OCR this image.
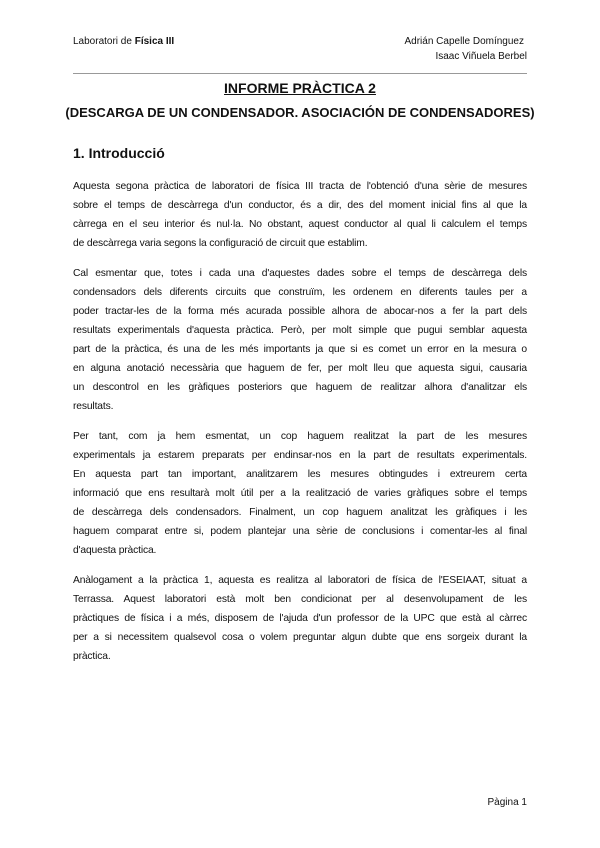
Laboratori de Física III	Adrián Capelle Domínguez
Isaac Viñuela Berbel
INFORME PRÀCTICA 2
(DESCARGA DE UN CONDENSADOR. ASOCIACIÓN DE CONDENSADORES)
1. Introducció
Aquesta segona pràctica de laboratori de física III tracta de l'obtenció d'una sèrie de mesures
sobre el temps de descàrrega d'un conductor, és a dir, des del moment inicial fins al que la
càrrega en el seu interior és nul·la. No obstant, aquest conductor al qual li calculem el temps
de descàrrega varia segons la configuració de circuit que establim.
Cal esmentar que, totes i cada una d'aquestes dades sobre el temps de descàrrega dels
condensadors dels diferents circuits que construïm, les ordenem en diferents taules per a
poder tractar-les de la forma més acurada possible alhora de abocar-nos a fer la part dels
resultats experimentals d'aquesta pràctica. Però, per molt simple que pugui semblar aquesta
part de la pràctica, és una de les més importants ja que si es comet un error en la mesura o
en alguna anotació necessària que haguem de fer, per molt lleu que aquesta sigui, causaria
un descontrol en les gràfiques posteriors que haguem de realitzar alhora d'analitzar els
resultats.
Per tant, com ja hem esmentat, un cop haguem realitzat la part de les mesures
experimentals ja estarem preparats per endinsar-nos en la part de resultats experimentals.
En aquesta part tan important, analitzarem les mesures obtingudes i extreurem certa
informació que ens resultarà molt útil per a la realització de varies gràfiques sobre el temps
de descàrrega dels condensadors. Finalment, un cop haguem analitzat les gràfiques i les
haguem comparat entre si, podem plantejar una sèrie de conclusions i comentar-les al final
d'aquesta pràctica.
Anàlogament a la pràctica 1, aquesta es realitza al laboratori de física de l'ESEIAAT, situat a
Terrassa. Aquest laboratori està molt ben condicionat per al desenvolupament de les
pràctiques de física i a més, disposem de l'ajuda d'un professor de la UPC que està al càrrec
per a si necessitem qualsevol cosa o volem preguntar algun dubte que ens sorgeix durant la
pràctica.
Pàgina 1
